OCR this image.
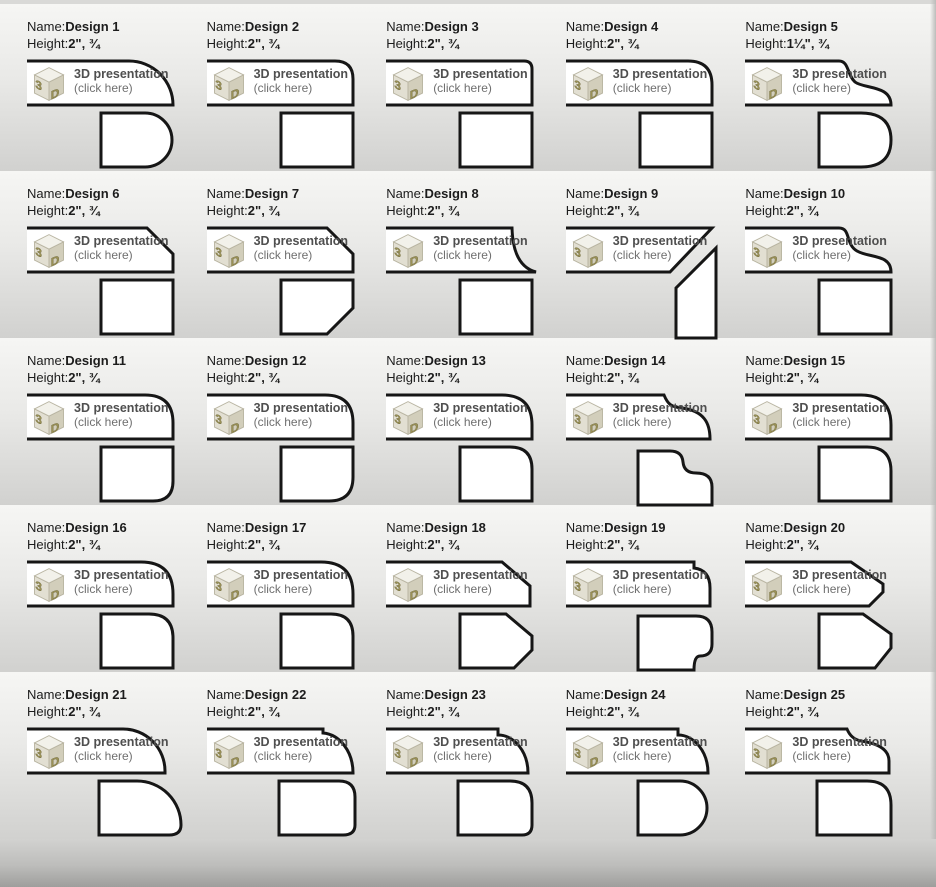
Name:Design 1
Height:2", ¾
3
D
3D presentation
(click here)
Name:Design 2
Height:2", ¾
3
D
3D presentation
(click here)
Name:Design 3
Height:2", ¾
3
D
3D presentation
(click here)
Name:Design 4
Height:2", ¾
3
D
3D presentation
(click here)
Name:Design 5
Height:1¼", ¾
3
D
3D presentation
(click here)
Name:Design 6
Height:2", ¾
3
D
3D presentation
(click here)
Name:Design 7
Height:2", ¾
3
D
3D presentation
(click here)
Name:Design 8
Height:2", ¾
3
D
3D presentation
(click here)
Name:Design 9
Height:2", ¾
3
D
3D presentation
(click here)
Name:Design 10
Height:2", ¾
3
D
3D presentation
(click here)
Name:Design 11
Height:2", ¾
3
D
3D presentation
(click here)
Name:Design 12
Height:2", ¾
3
D
3D presentation
(click here)
Name:Design 13
Height:2", ¾
3
D
3D presentation
(click here)
Name:Design 14
Height:2", ¾
3
D
3D presentation
(click here)
Name:Design 15
Height:2", ¾
3
D
3D presentation
(click here)
Name:Design 16
Height:2", ¾
3
D
3D presentation
(click here)
Name:Design 17
Height:2", ¾
3
D
3D presentation
(click here)
Name:Design 18
Height:2", ¾
3
D
3D presentation
(click here)
Name:Design 19
Height:2", ¾
3
D
3D presentation
(click here)
Name:Design 20
Height:2", ¾
3
D
3D presentation
(click here)
Name:Design 21
Height:2", ¾
3
D
3D presentation
(click here)
Name:Design 22
Height:2", ¾
3
D
3D presentation
(click here)
Name:Design 23
Height:2", ¾
3
D
3D presentation
(click here)
Name:Design 24
Height:2", ¾
3
D
3D presentation
(click here)
Name:Design 25
Height:2", ¾
3
D
3D presentation
(click here)
